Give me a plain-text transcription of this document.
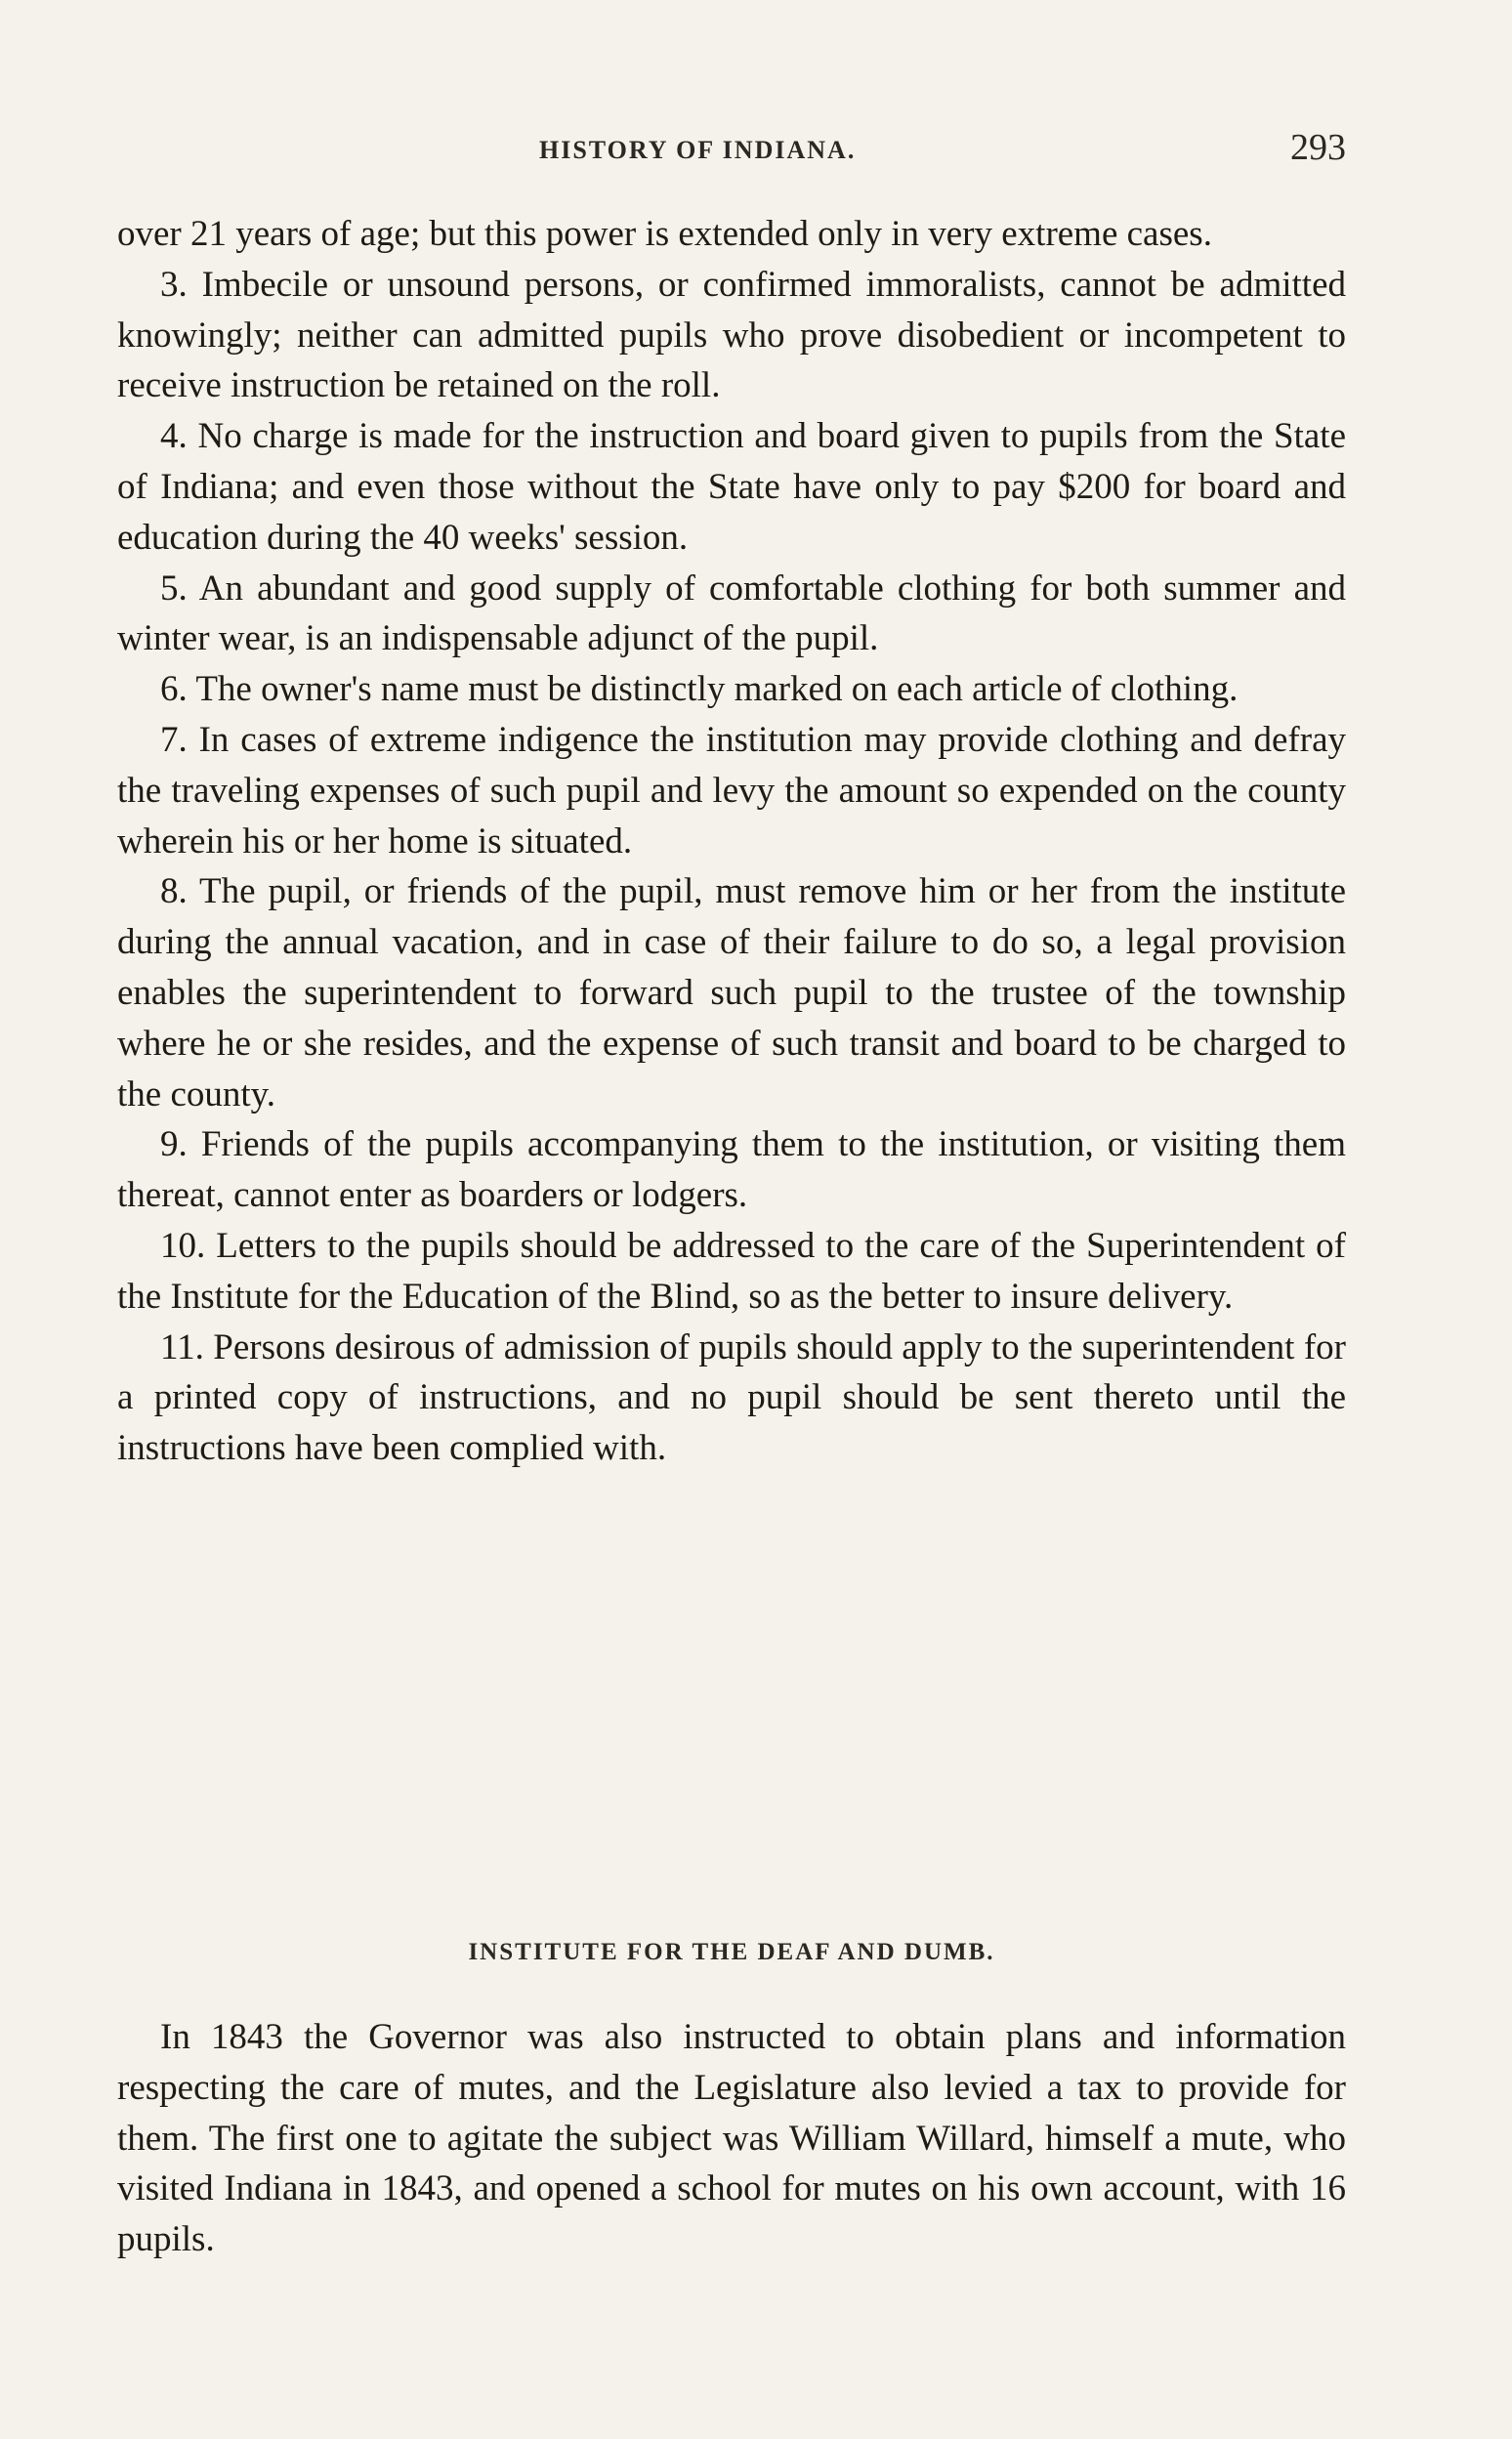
HISTORY OF INDIANA.	293

over 21 years of age; but this power is extended only in very extreme cases.

3. Imbecile or unsound persons, or confirmed immoralists, cannot be admitted knowingly; neither can admitted pupils who prove disobedient or incompetent to receive instruction be retained on the roll.

4. No charge is made for the instruction and board given to pupils from the State of Indiana; and even those without the State have only to pay $200 for board and education during the 40 weeks' session.

5. An abundant and good supply of comfortable clothing for both summer and winter wear, is an indispensable adjunct of the pupil.

6. The owner's name must be distinctly marked on each article of clothing.

7. In cases of extreme indigence the institution may provide clothing and defray the traveling expenses of such pupil and levy the amount so expended on the county wherein his or her home is situated.

8. The pupil, or friends of the pupil, must remove him or her from the institute during the annual vacation, and in case of their failure to do so, a legal provision enables the superintendent to forward such pupil to the trustee of the township where he or she resides, and the expense of such transit and board to be charged to the county.

9. Friends of the pupils accompanying them to the institution, or visiting them thereat, cannot enter as boarders or lodgers.

10. Letters to the pupils should be addressed to the care of the Superintendent of the Institute for the Education of the Blind, so as the better to insure delivery.

11. Persons desirous of admission of pupils should apply to the superintendent for a printed copy of instructions, and no pupil should be sent thereto until the instructions have been complied with.

INSTITUTE FOR THE DEAF AND DUMB.

In 1843 the Governor was also instructed to obtain plans and information respecting the care of mutes, and the Legislature also levied a tax to provide for them. The first one to agitate the subject was William Willard, himself a mute, who visited Indiana in 1843, and opened a school for mutes on his own account, with 16 pupils.
